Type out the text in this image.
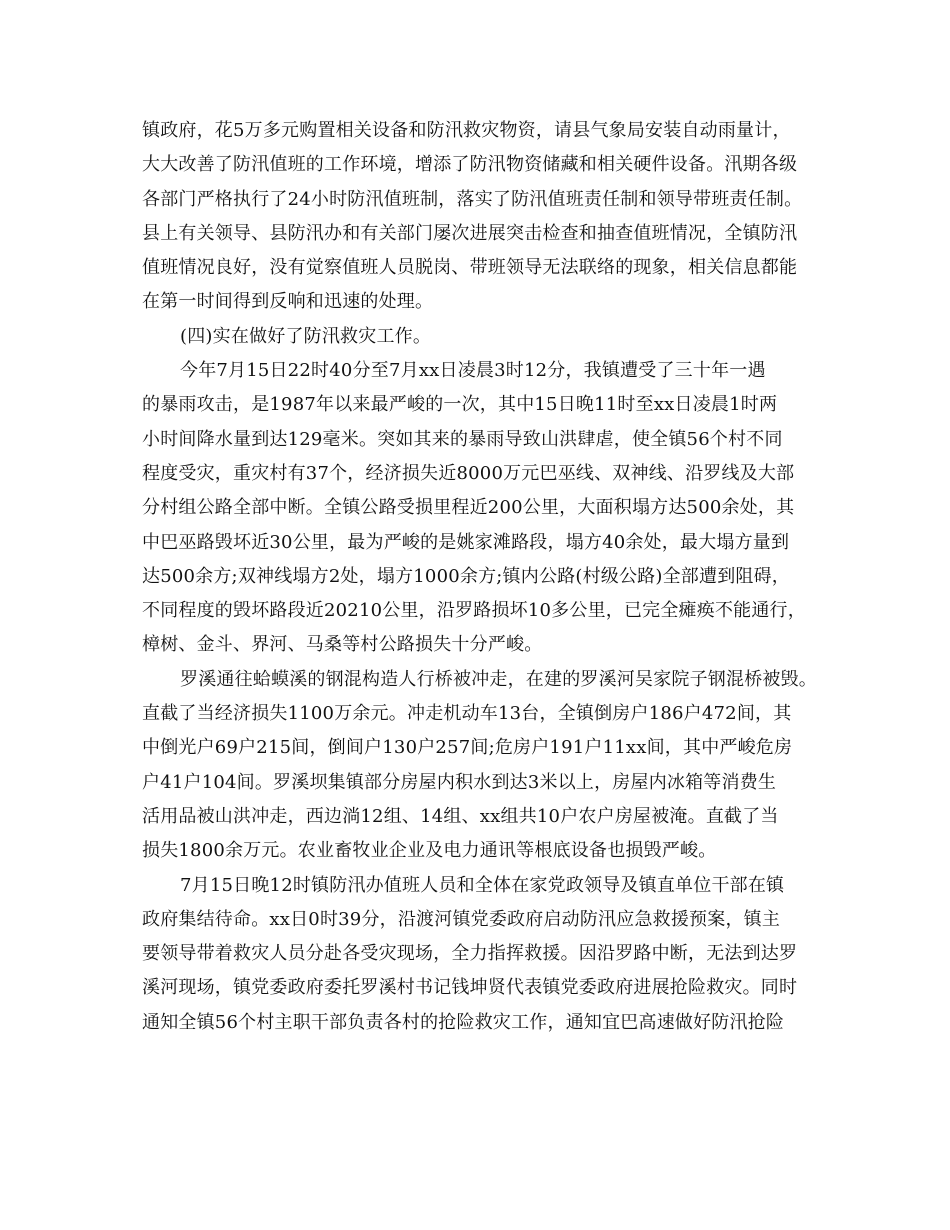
镇政府，花5万多元购置相关设备和防汛救灾物资，请县气象局安装自动雨量计，
大大改善了防汛值班的工作环境，增添了防汛物资储藏和相关硬件设备。汛期各级
各部门严格执行了24小时防汛值班制，落实了防汛值班责任制和领导带班责任制。
县上有关领导、县防汛办和有关部门屡次进展突击检查和抽查值班情况，全镇防汛
值班情况良好，没有觉察值班人员脱岗、带班领导无法联络的现象，相关信息都能
在第一时间得到反响和迅速的处理。
(四)实在做好了防汛救灾工作。
今年7月15日22时40分至7月xx日凌晨3时12分，我镇遭受了三十年一遇
的暴雨攻击，是1987年以来最严峻的一次，其中15日晚11时至xx日凌晨1时两
小时间降水量到达129毫米。突如其来的暴雨导致山洪肆虐，使全镇56个村不同
程度受灾，重灾村有37个，经济损失近8000万元巴巫线、双神线、沿罗线及大部
分村组公路全部中断。全镇公路受损里程近200公里，大面积塌方达500余处，其
中巴巫路毁坏近30公里，最为严峻的是姚家滩路段，塌方40余处，最大塌方量到
达500余方;双神线塌方2处，塌方1000余方;镇内公路(村级公路)全部遭到阻碍，
不同程度的毁坏路段近20210公里，沿罗路损坏10多公里，已完全瘫痪不能通行，
樟树、金斗、界河、马桑等村公路损失十分严峻。
罗溪通往蛤蟆溪的钢混构造人行桥被冲走，在建的罗溪河吴家院子钢混桥被毁。
直截了当经济损失1100万余元。冲走机动车13台，全镇倒房户186户472间，其
中倒光户69户215间，倒间户130户257间;危房户191户11xx间，其中严峻危房
户41户104间。罗溪坝集镇部分房屋内积水到达3米以上，房屋内冰箱等消费生
活用品被山洪冲走，西边淌12组、14组、xx组共10户农户房屋被淹。直截了当
损失1800余万元。农业畜牧业企业及电力通讯等根底设备也损毁严峻。
7月15日晚12时镇防汛办值班人员和全体在家党政领导及镇直单位干部在镇
政府集结待命。xx日0时39分，沿渡河镇党委政府启动防汛应急救援预案，镇主
要领导带着救灾人员分赴各受灾现场，全力指挥救援。因沿罗路中断，无法到达罗
溪河现场，镇党委政府委托罗溪村书记钱坤贤代表镇党委政府进展抢险救灾。同时
通知全镇56个村主职干部负责各村的抢险救灾工作，通知宜巴高速做好防汛抢险
